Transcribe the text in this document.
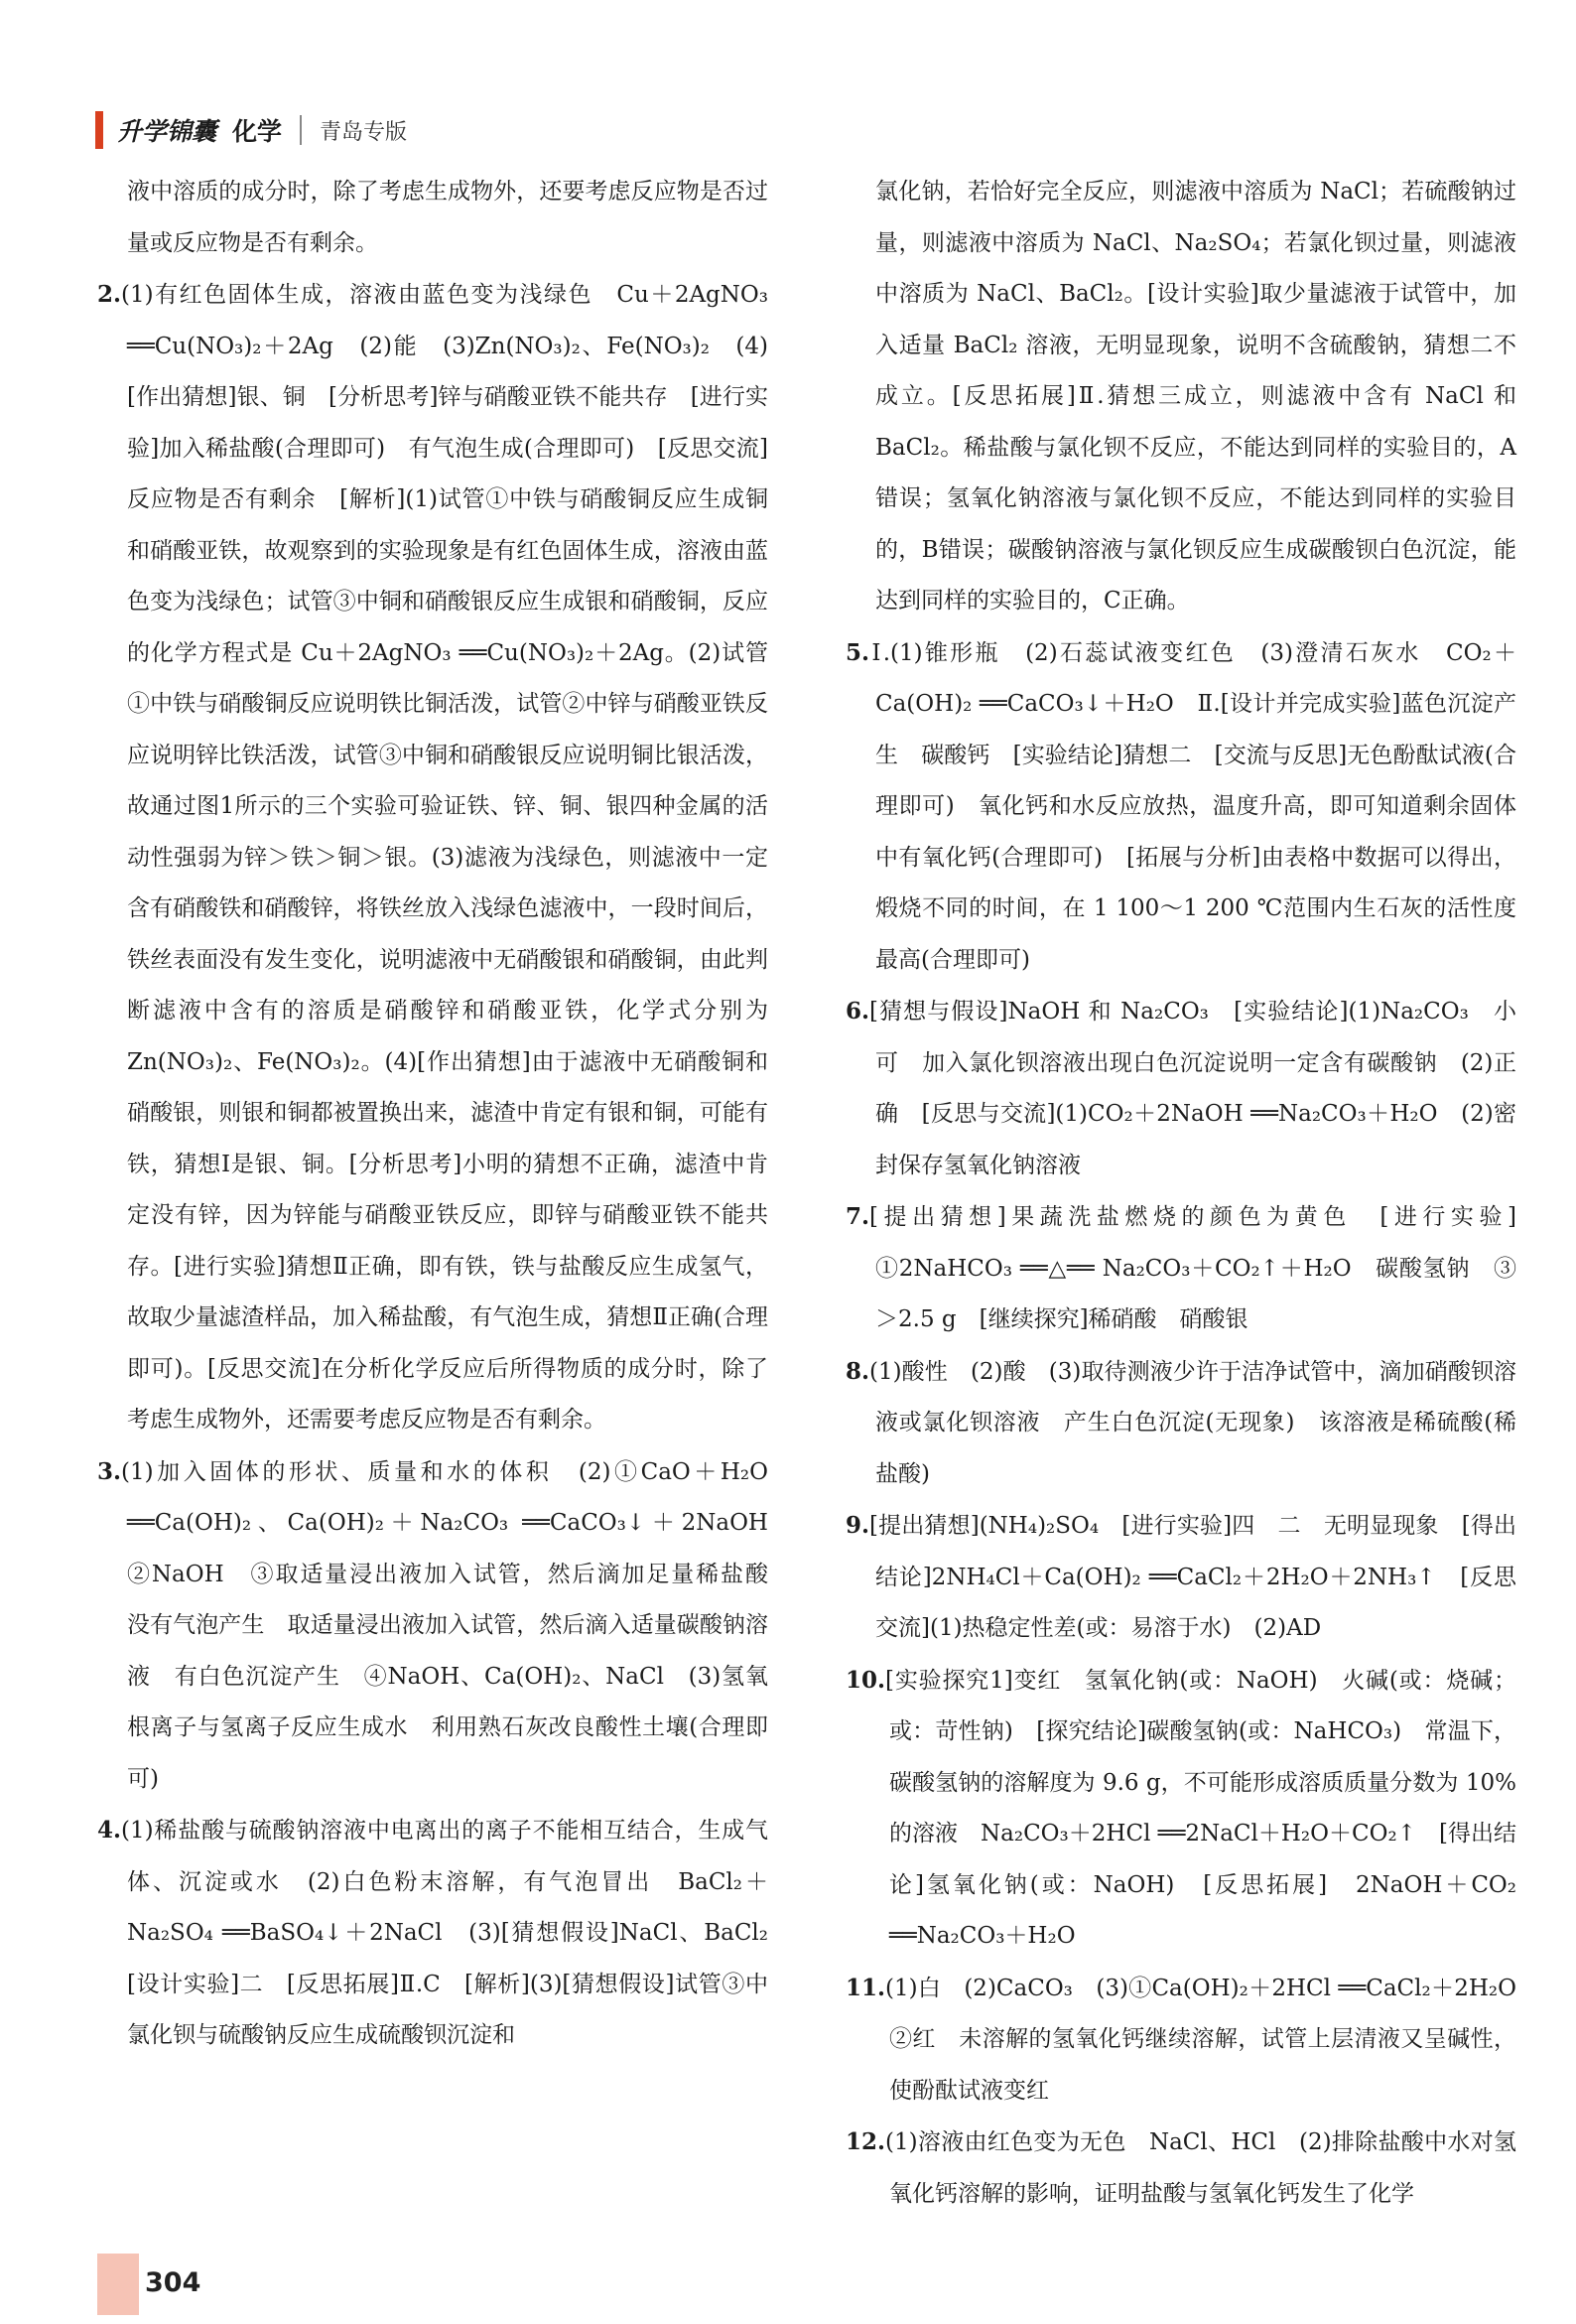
升学锦囊 化学 青岛专版
液中溶质的成分时，除了考虑生成物外，还要考虑反应物是否过量或反应物是否有剩余。
2.(1)有红色固体生成，溶液由蓝色变为浅绿色　Cu＋2AgNO₃ ══Cu(NO₃)₂＋2Ag　(2)能　(3)Zn(NO₃)₂、Fe(NO₃)₂　(4)[作出猜想]银、铜　[分析思考]锌与硝酸亚铁不能共存　[进行实验]加入稀盐酸(合理即可)　有气泡生成(合理即可)　[反思交流]反应物是否有剩余　[解析](1)试管①中铁与硝酸铜反应生成铜和硝酸亚铁，故观察到的实验现象是有红色固体生成，溶液由蓝色变为浅绿色；试管③中铜和硝酸银反应生成银和硝酸铜，反应的化学方程式是 Cu＋2AgNO₃ ══Cu(NO₃)₂＋2Ag。(2)试管①中铁与硝酸铜反应说明铁比铜活泼，试管②中锌与硝酸亚铁反应说明锌比铁活泼，试管③中铜和硝酸银反应说明铜比银活泼，故通过图1所示的三个实验可验证铁、锌、铜、银四种金属的活动性强弱为锌＞铁＞铜＞银。(3)滤液为浅绿色，则滤液中一定含有硝酸铁和硝酸锌，将铁丝放入浅绿色滤液中，一段时间后，铁丝表面没有发生变化，说明滤液中无硝酸银和硝酸铜，由此判断滤液中含有的溶质是硝酸锌和硝酸亚铁，化学式分别为 Zn(NO₃)₂、Fe(NO₃)₂。(4)[作出猜想]由于滤液中无硝酸铜和硝酸银，则银和铜都被置换出来，滤渣中肯定有银和铜，可能有铁，猜想Ⅰ是银、铜。[分析思考]小明的猜想不正确，滤渣中肯定没有锌，因为锌能与硝酸亚铁反应，即锌与硝酸亚铁不能共存。[进行实验]猜想Ⅱ正确，即有铁，铁与盐酸反应生成氢气，故取少量滤渣样品，加入稀盐酸，有气泡生成，猜想Ⅱ正确(合理即可)。[反思交流]在分析化学反应后所得物质的成分时，除了考虑生成物外，还需要考虑反应物是否有剩余。
3.(1)加入固体的形状、质量和水的体积　(2)①CaO＋H₂O ══Ca(OH)₂、Ca(OH)₂＋Na₂CO₃ ══CaCO₃↓＋2NaOH　②NaOH　③取适量浸出液加入试管，然后滴加足量稀盐酸　没有气泡产生　取适量浸出液加入试管，然后滴入适量碳酸钠溶液　有白色沉淀产生　④NaOH、Ca(OH)₂、NaCl　(3)氢氧根离子与氢离子反应生成水　利用熟石灰改良酸性土壤(合理即可)
4.(1)稀盐酸与硫酸钠溶液中电离出的离子不能相互结合，生成气体、沉淀或水　(2)白色粉末溶解，有气泡冒出　BaCl₂＋Na₂SO₄ ══BaSO₄↓＋2NaCl　(3)[猜想假设]NaCl、BaCl₂　[设计实验]二　[反思拓展]Ⅱ.C　[解析](3)[猜想假设]试管③中氯化钡与硫酸钠反应生成硫酸钡沉淀和
氯化钠，若恰好完全反应，则滤液中溶质为 NaCl；若硫酸钠过量，则滤液中溶质为 NaCl、Na₂SO₄；若氯化钡过量，则滤液中溶质为 NaCl、BaCl₂。[设计实验]取少量滤液于试管中，加入适量 BaCl₂ 溶液，无明显现象，说明不含硫酸钠，猜想二不成立。[反思拓展]Ⅱ.猜想三成立，则滤液中含有 NaCl 和 BaCl₂。稀盐酸与氯化钡不反应，不能达到同样的实验目的，A错误；氢氧化钠溶液与氯化钡不反应，不能达到同样的实验目的，B错误；碳酸钠溶液与氯化钡反应生成碳酸钡白色沉淀，能达到同样的实验目的，C正确。
5.Ⅰ.(1)锥形瓶　(2)石蕊试液变红色　(3)澄清石灰水　CO₂＋Ca(OH)₂ ══CaCO₃↓＋H₂O　Ⅱ.[设计并完成实验]蓝色沉淀产生　碳酸钙　[实验结论]猜想二　[交流与反思]无色酚酞试液(合理即可)　氧化钙和水反应放热，温度升高，即可知道剩余固体中有氧化钙(合理即可)　[拓展与分析]由表格中数据可以得出，煅烧不同的时间，在 1 100～1 200 ℃范围内生石灰的活性度最高(合理即可)
6.[猜想与假设]NaOH 和 Na₂CO₃　[实验结论](1)Na₂CO₃　小可　加入氯化钡溶液出现白色沉淀说明一定含有碳酸钠　(2)正确　[反思与交流](1)CO₂＋2NaOH ══Na₂CO₃＋H₂O　(2)密封保存氢氧化钠溶液
7.[提出猜想]果蔬洗盐燃烧的颜色为黄色　[进行实验]　①2NaHCO₃ ══△══ Na₂CO₃＋CO₂↑＋H₂O　碳酸氢钠　③＞2.5 g　[继续探究]稀硝酸　硝酸银
8.(1)酸性　(2)酸　(3)取待测液少许于洁净试管中，滴加硝酸钡溶液或氯化钡溶液　产生白色沉淀(无现象)　该溶液是稀硫酸(稀盐酸)
9.[提出猜想](NH₄)₂SO₄　[进行实验]四　二　无明显现象　[得出结论]2NH₄Cl＋Ca(OH)₂ ══CaCl₂＋2H₂O＋2NH₃↑　[反思交流](1)热稳定性差(或：易溶于水)　(2)AD
10.[实验探究1]变红　氢氧化钠(或：NaOH)　火碱(或：烧碱；或：苛性钠)　[探究结论]碳酸氢钠(或：NaHCO₃)　常温下，碳酸氢钠的溶解度为 9.6 g，不可能形成溶质质量分数为 10% 的溶液　Na₂CO₃＋2HCl ══2NaCl＋H₂O＋CO₂↑　[得出结论]氢氧化钠(或：NaOH)　[反思拓展]　2NaOH＋CO₂ ══Na₂CO₃＋H₂O
11.(1)白　(2)CaCO₃　(3)①Ca(OH)₂＋2HCl ══CaCl₂＋2H₂O　②红　未溶解的氢氧化钙继续溶解，试管上层清液又呈碱性，使酚酞试液变红
12.(1)溶液由红色变为无色　NaCl、HCl　(2)排除盐酸中水对氢氧化钙溶解的影响，证明盐酸与氢氧化钙发生了化学
304
